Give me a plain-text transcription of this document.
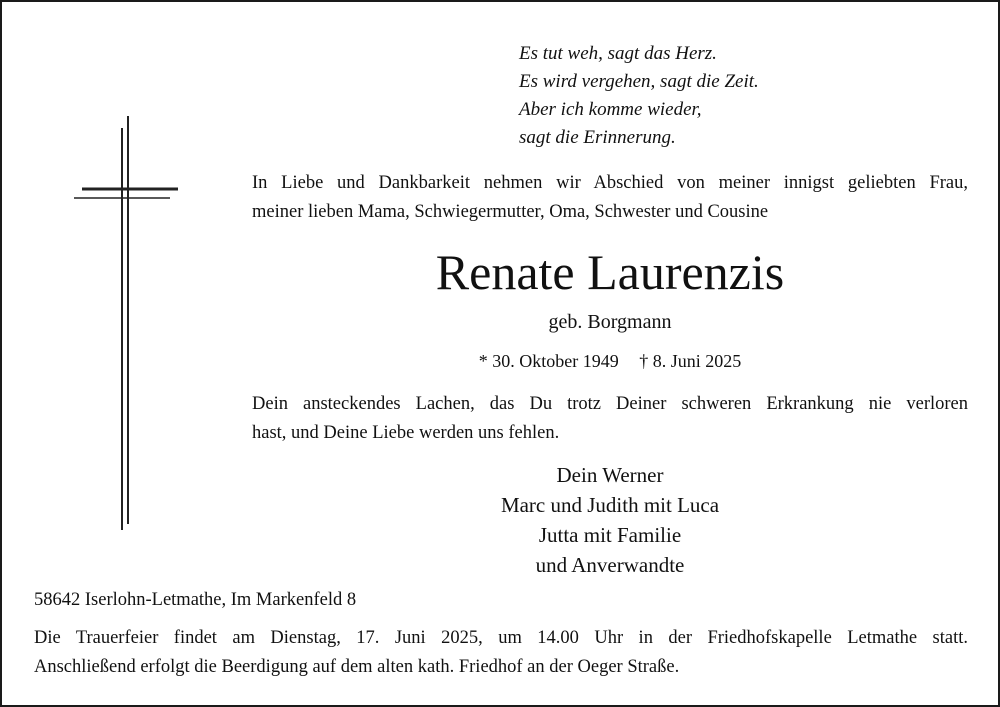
Es tut weh, sagt das Herz.
Es wird vergehen, sagt die Zeit.
Aber ich komme wieder,
sagt die Erinnerung.
In Liebe und Dankbarkeit nehmen wir Abschied von meiner innigst geliebten Frau,
meiner lieben Mama, Schwiegermutter, Oma, Schwester und Cousine
Renate Laurenzis
geb. Borgmann
* 30. Oktober 1949 † 8. Juni 2025
Dein ansteckendes Lachen, das Du trotz Deiner schweren Erkrankung nie verloren
hast, und Deine Liebe werden uns fehlen.
Dein Werner
Marc und Judith mit Luca
Jutta mit Familie
und Anverwandte
58642 Iserlohn-Letmathe, Im Markenfeld 8
Die Trauerfeier findet am Dienstag, 17. Juni 2025, um 14.00 Uhr in der Friedhofskapelle Letmathe statt.
Anschließend erfolgt die Beerdigung auf dem alten kath. Friedhof an der Oeger Straße.
